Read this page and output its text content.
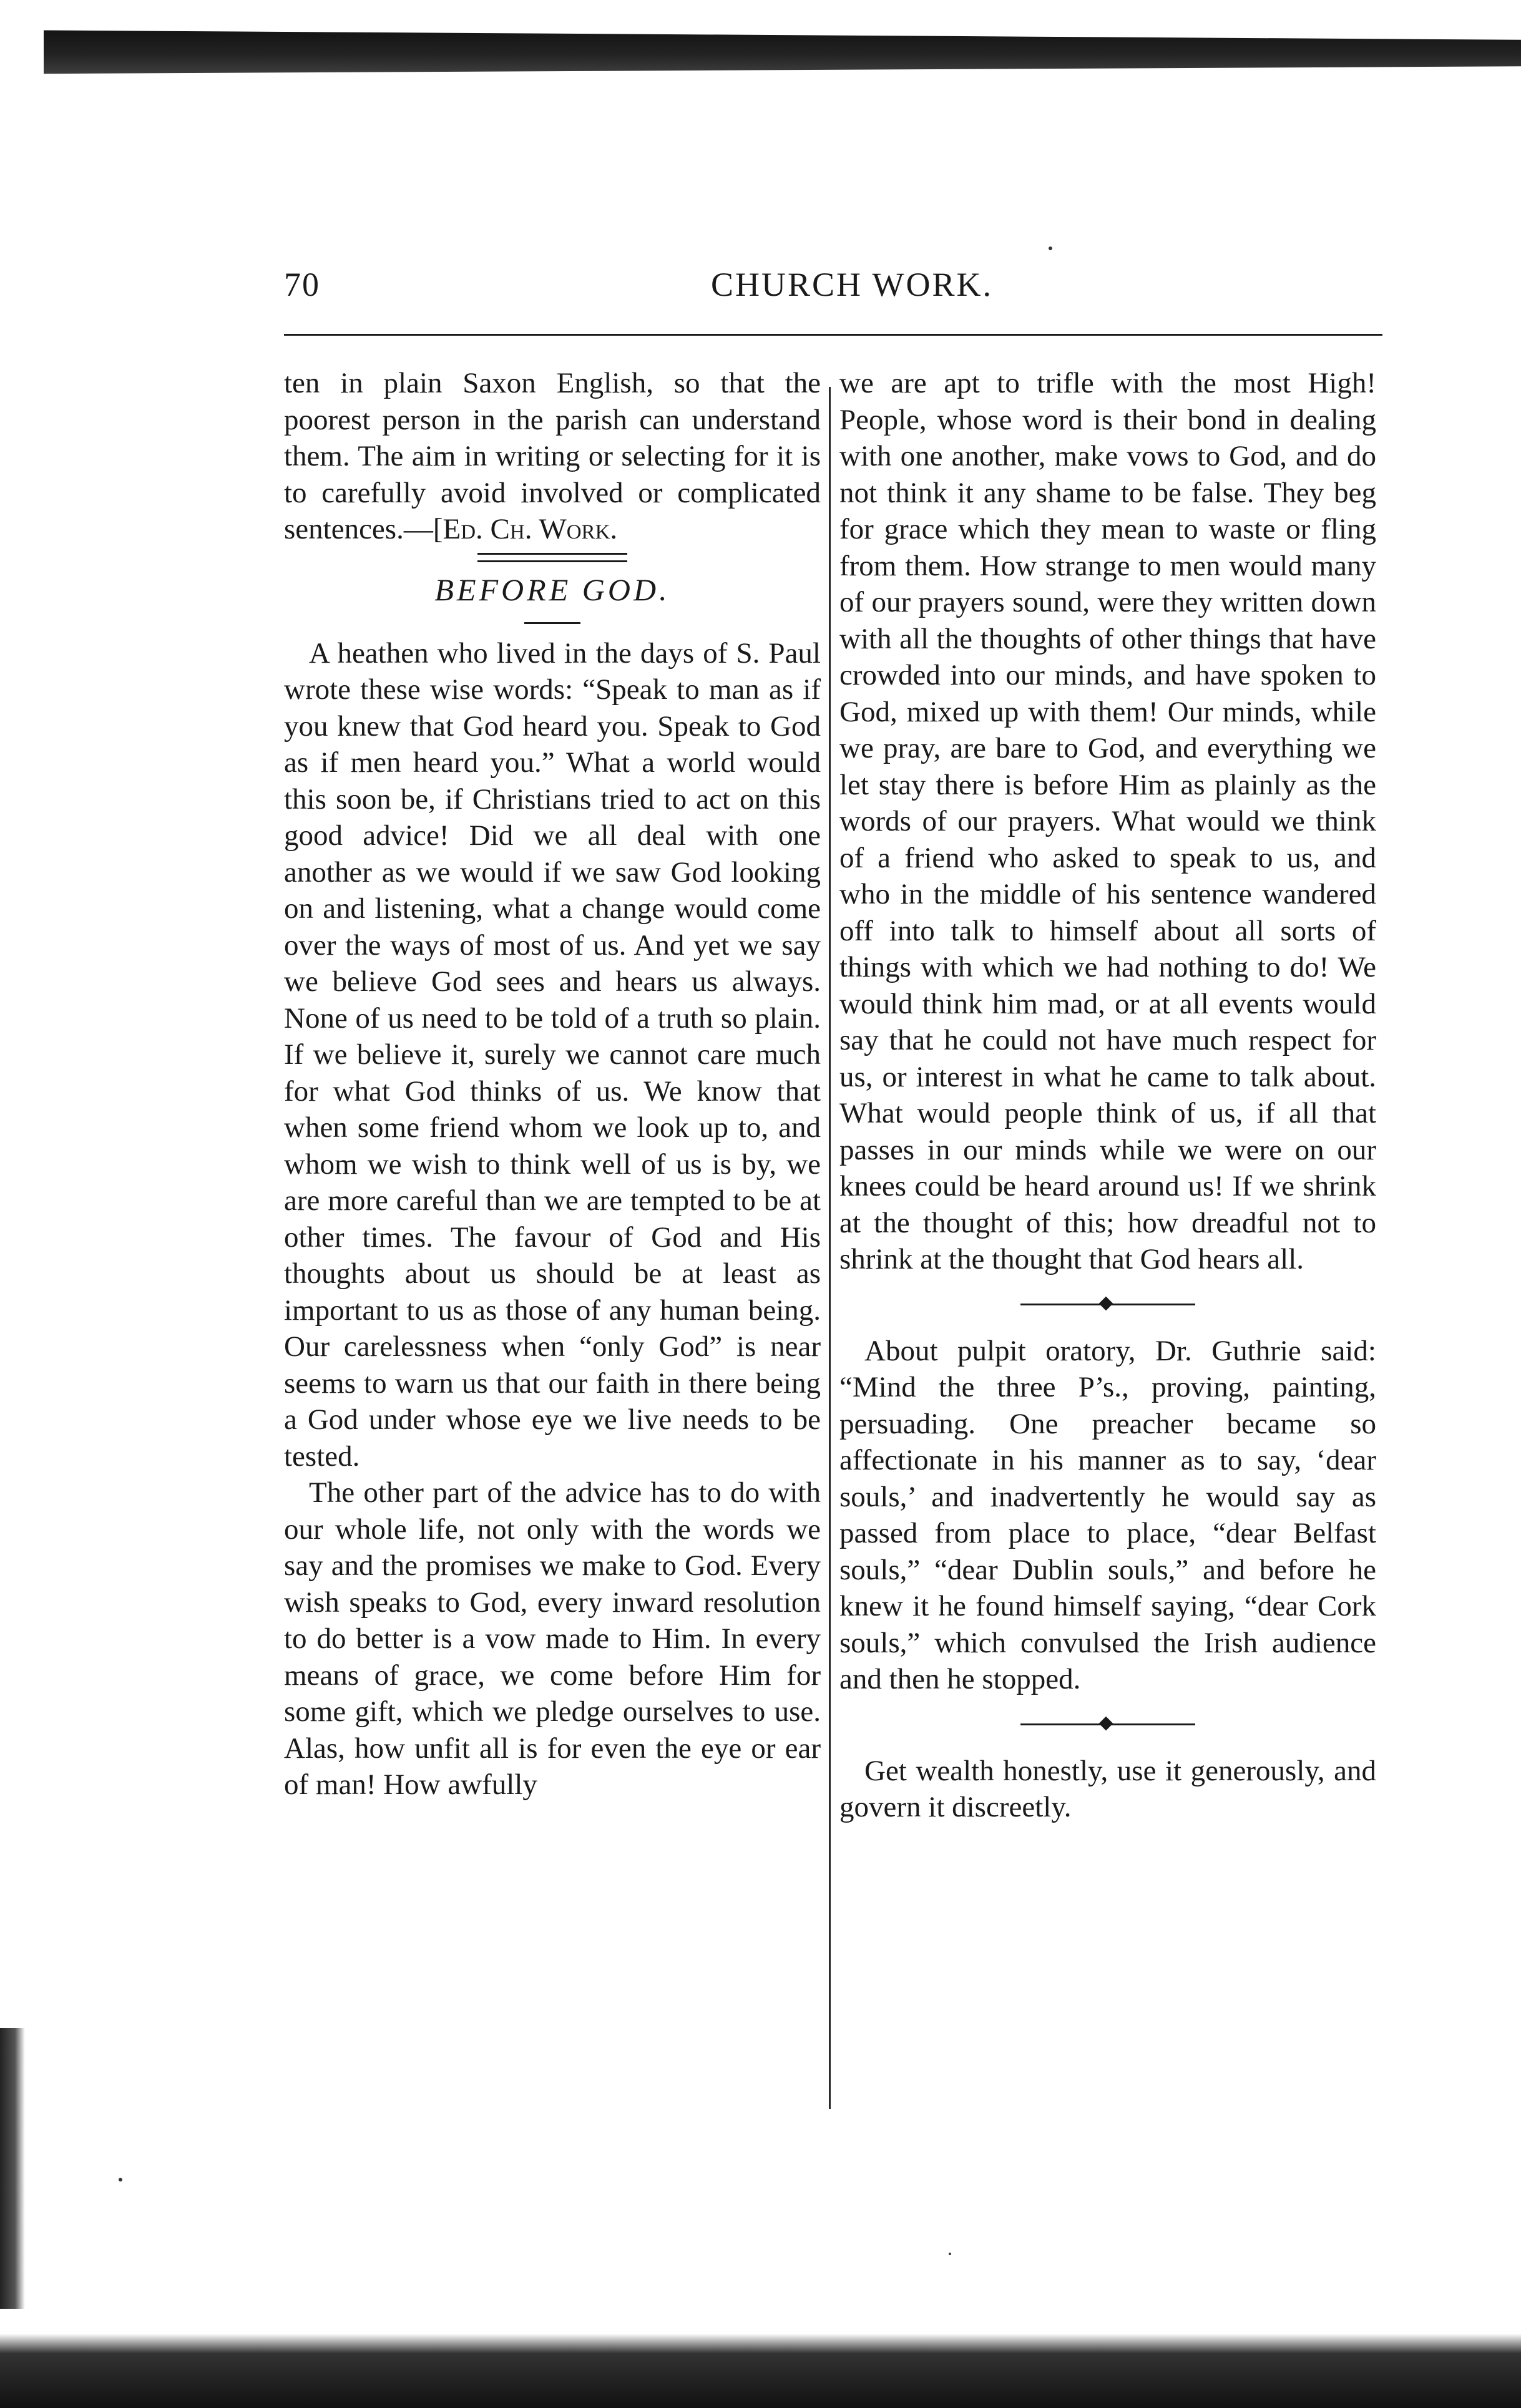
70	CHURCH WORK.

ten in plain Saxon English, so that the poorest person in the parish can understand them. The aim in writing or selecting for it is to carefully avoid involved or complicated sentences.—[Ed. Ch. Work.

BEFORE GOD.

A heathen who lived in the days of S. Paul wrote these wise words: “Speak to man as if you knew that God heard you. Speak to God as if men heard you.” What a world would this soon be, if Christians tried to act on this good advice! Did we all deal with one another as we would if we saw God looking on and listening, what a change would come over the ways of most of us. And yet we say we believe God sees and hears us always. None of us need to be told of a truth so plain. If we believe it, surely we cannot care much for what God thinks of us. We know that when some friend whom we look up to, and whom we wish to think well of us is by, we are more careful than we are tempted to be at other times. The favour of God and His thoughts about us should be at least as important to us as those of any human being. Our carelessness when “only God” is near seems to warn us that our faith in there being a God under whose eye we live needs to be tested.

The other part of the advice has to do with our whole life, not only with the words we say and the promises we make to God. Every wish speaks to God, every inward resolution to do better is a vow made to Him. In every means of grace, we come before Him for some gift, which we pledge ourselves to use. Alas, how unfit all is for even the eye or ear of man! How awfully

we are apt to trifle with the most High! People, whose word is their bond in dealing with one another, make vows to God, and do not think it any shame to be false. They beg for grace which they mean to waste or fling from them. How strange to men would many of our prayers sound, were they written down with all the thoughts of other things that have crowded into our minds, and have spoken to God, mixed up with them! Our minds, while we pray, are bare to God, and everything we let stay there is before Him as plainly as the words of our prayers. What would we think of a friend who asked to speak to us, and who in the middle of his sentence wandered off into talk to himself about all sorts of things with which we had nothing to do! We would think him mad, or at all events would say that he could not have much respect for us, or interest in what he came to talk about. What would people think of us, if all that passes in our minds while we were on our knees could be heard around us! If we shrink at the thought of this; how dreadful not to shrink at the thought that God hears all.

About pulpit oratory, Dr. Guthrie said: “Mind the three P’s., proving, painting, persuading. One preacher became so affectionate in his manner as to say, ‘dear souls,’ and inadvertently he would say as passed from place to place, “dear Belfast souls,” “dear Dublin souls,” and before he knew it he found himself saying, “dear Cork souls,” which convulsed the Irish audience and then he stopped.

Get wealth honestly, use it generously, and govern it discreetly.
